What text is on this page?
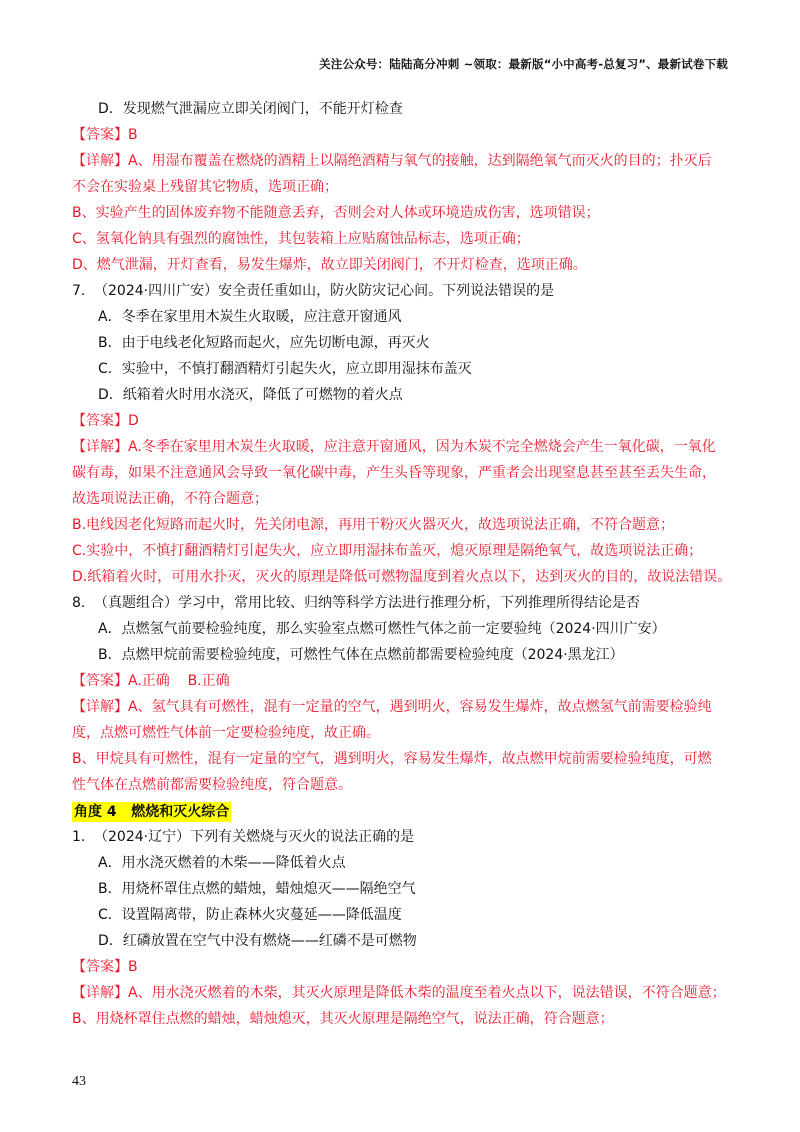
关注公众号：陆陆高分冲刺 ~领取：最新版“小中高考-总复习”、最新试卷下载

D．发现燃气泄漏应立即关闭阀门，不能开灯检查

【答案】B

【详解】A、用湿布覆盖在燃烧的酒精上以隔绝酒精与氧气的接触，达到隔绝氧气而灭火的目的；扑灭后

不会在实验桌上残留其它物质，选项正确；

B、实验产生的固体废弃物不能随意丢弃，否则会对人体或环境造成伤害，选项错误；

C、氢氧化钠具有强烈的腐蚀性，其包装箱上应贴腐蚀品标志，选项正确；

D、燃气泄漏，开灯查看，易发生爆炸，故立即关闭阀门，不开灯检查，选项正确。

7. （2024·四川广安）安全责任重如山，防火防灾记心间。下列说法错误的是

A．冬季在家里用木炭生火取暖，应注意开窗通风

B．由于电线老化短路而起火，应先切断电源，再灭火

C．实验中，不慎打翻酒精灯引起失火，应立即用湿抹布盖灭

D．纸箱着火时用水浇灭，降低了可燃物的着火点

【答案】D

【详解】A.冬季在家里用木炭生火取暖，应注意开窗通风，因为木炭不完全燃烧会产生一氧化碳，一氧化

碳有毒，如果不注意通风会导致一氧化碳中毒，产生头昏等现象，严重者会出现窒息甚至甚至丢失生命，

故选项说法正确，不符合题意；

B.电线因老化短路而起火时，先关闭电源，再用干粉灭火器灭火，故选项说法正确，不符合题意；

C.实验中，不慎打翻酒精灯引起失火，应立即用湿抹布盖灭，熄灭原理是隔绝氧气，故选项说法正确；

D.纸箱着火时，可用水扑灭，灭火的原理是降低可燃物温度到着火点以下，达到灭火的目的，故说法错误。

8. （真题组合）学习中，常用比较、归纳等科学方法进行推理分析，下列推理所得结论是否

A．点燃氢气前要检验纯度，那么实验室点燃可燃性气体之前一定要验纯（2024·四川广安）

B．点燃甲烷前需要检验纯度，可燃性气体在点燃前都需要检验纯度（2024·黑龙江）

【答案】A.正确    B.正确

【详解】A、氢气具有可燃性，混有一定量的空气，遇到明火，容易发生爆炸，故点燃氢气前需要检验纯

度，点燃可燃性气体前一定要检验纯度，故正确。

B、甲烷具有可燃性，混有一定量的空气，遇到明火，容易发生爆炸，故点燃甲烷前需要检验纯度，可燃

性气体在点燃前都需要检验纯度，符合题意。

角度 4   燃烧和灭火综合

1. （2024·辽宁）下列有关燃烧与灭火的说法正确的是

A．用水浇灭燃着的木柴——降低着火点

B．用烧杯罩住点燃的蜡烛，蜡烛熄灭——隔绝空气

C．设置隔离带，防止森林火灾蔓延——降低温度

D．红磷放置在空气中没有燃烧——红磷不是可燃物

【答案】B

【详解】A、用水浇灭燃着的木柴，其灭火原理是降低木柴的温度至着火点以下，说法错误，不符合题意；

B、用烧杯罩住点燃的蜡烛，蜡烛熄灭，其灭火原理是隔绝空气，说法正确，符合题意；

43
